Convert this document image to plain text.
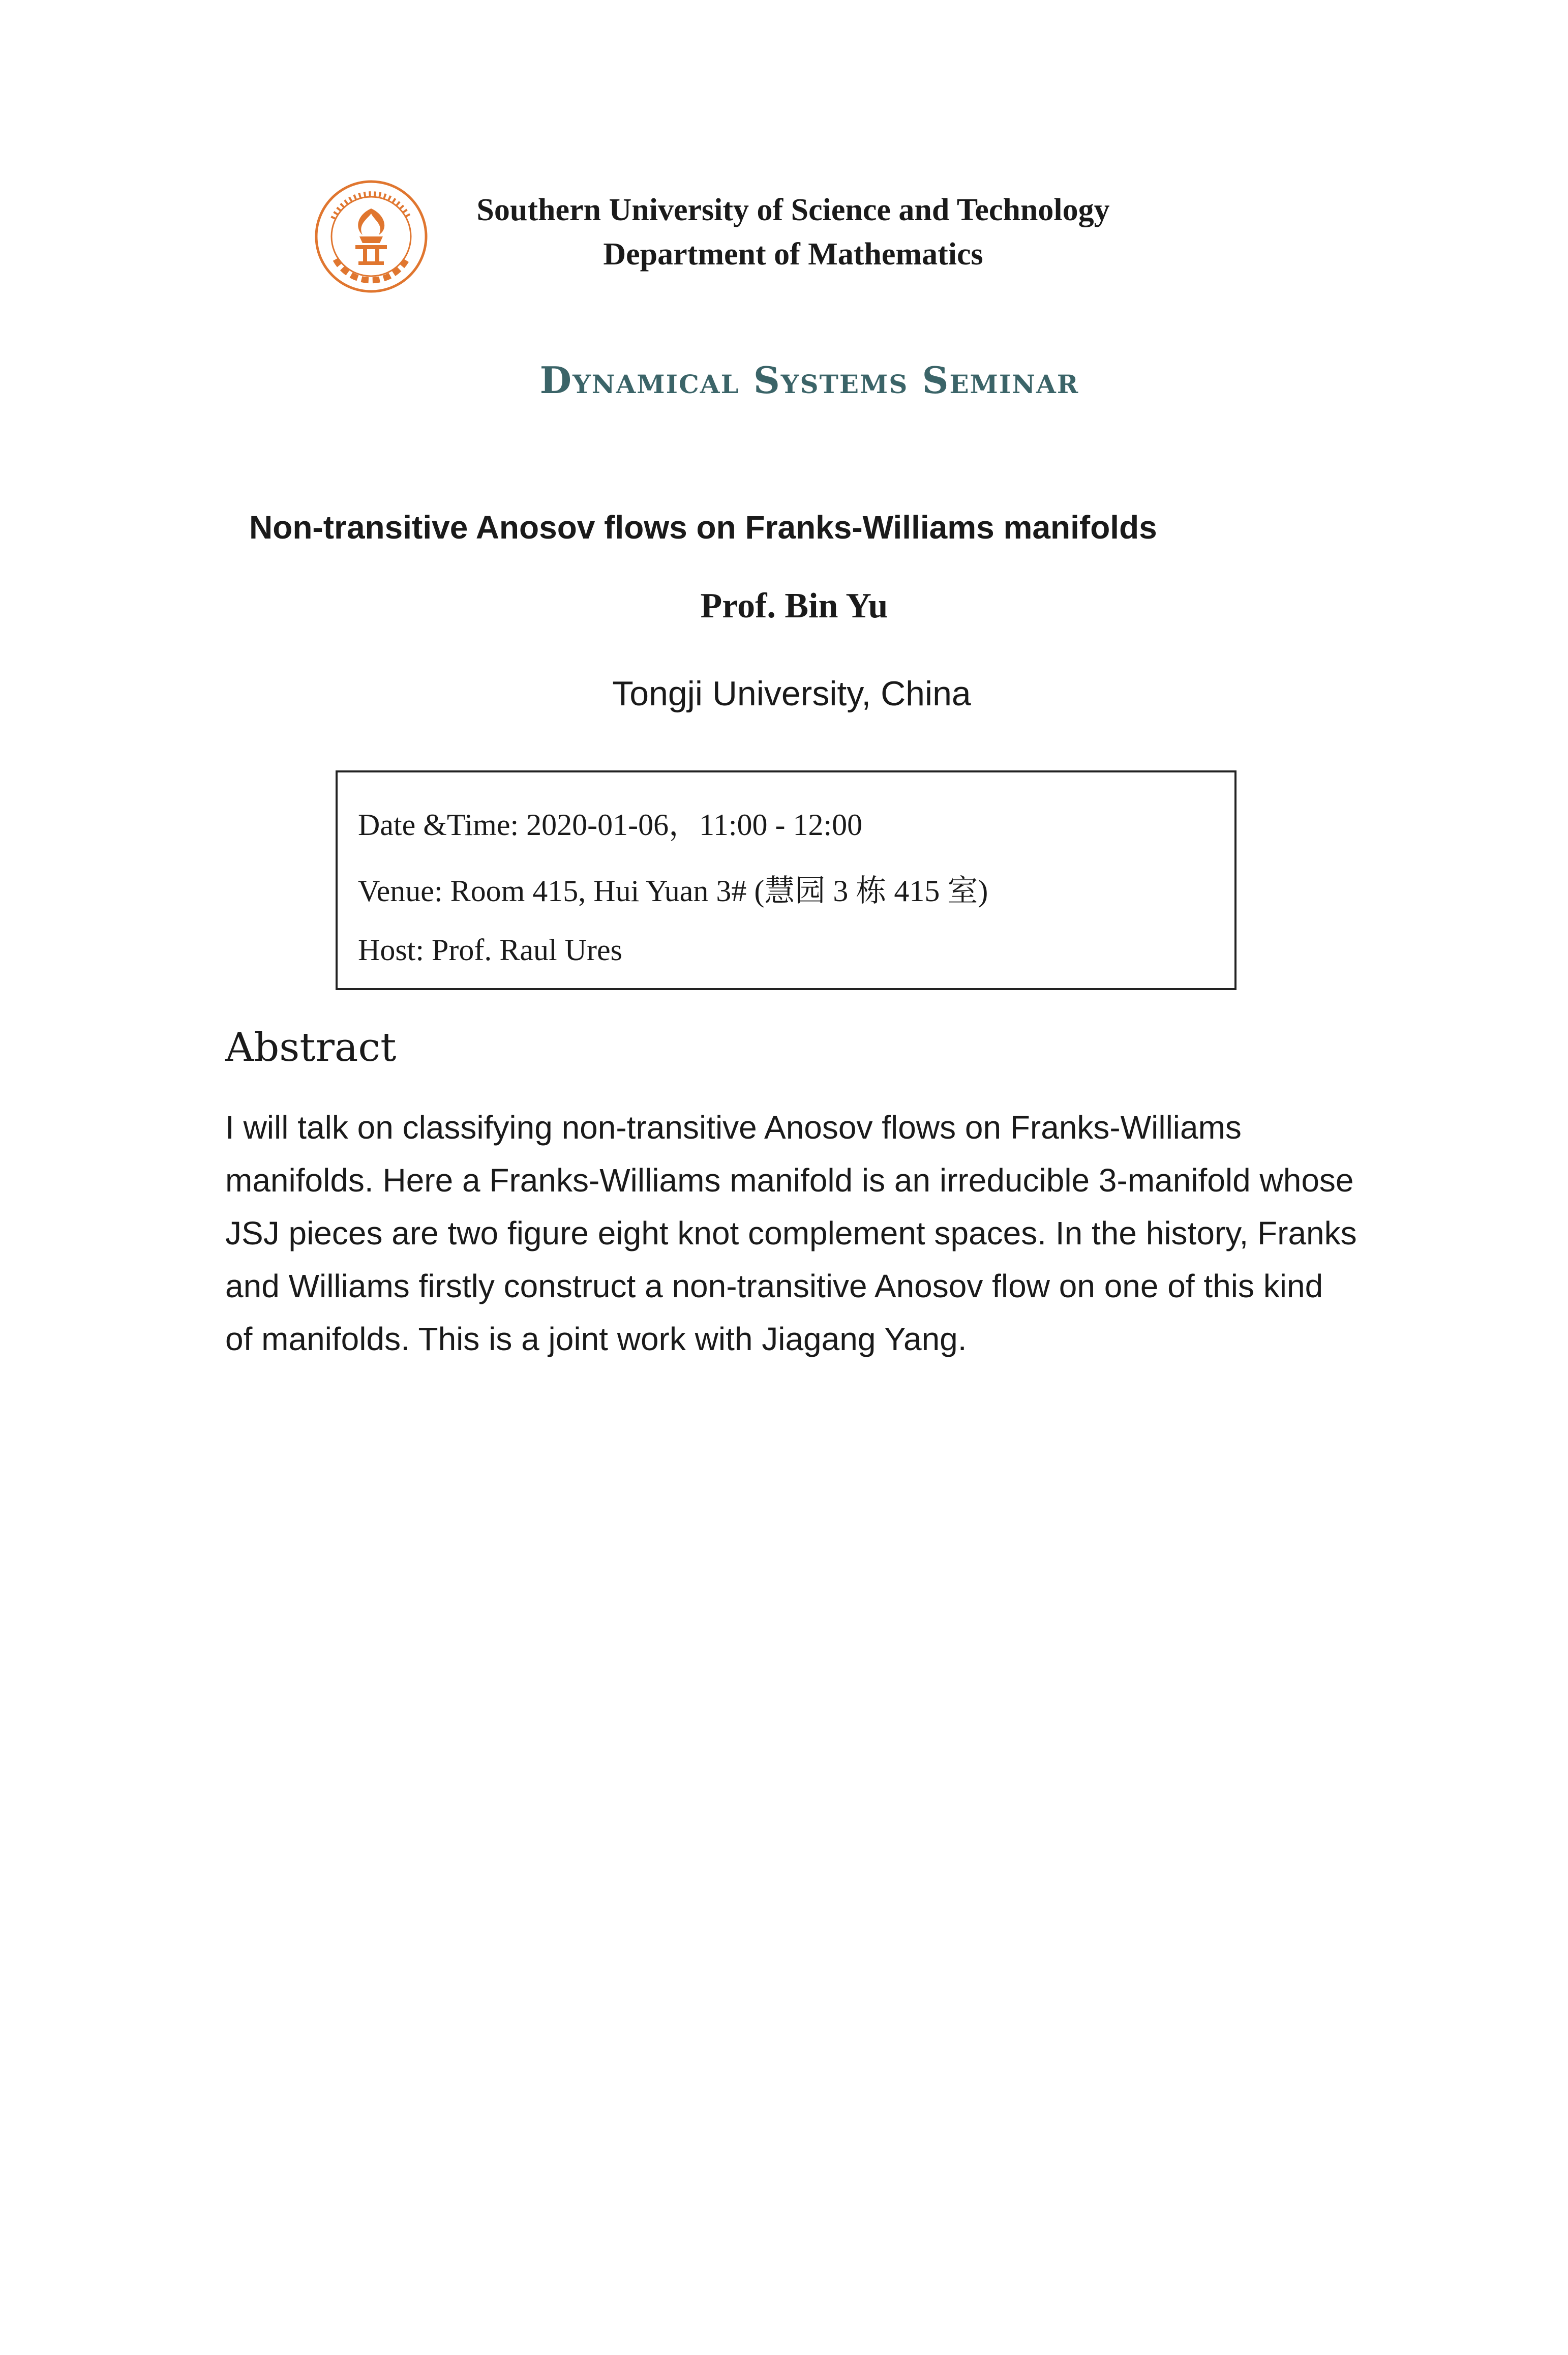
Southern University of Science and Technology
Department of Mathematics
Dynamical Systems Seminar
Non-transitive Anosov flows on Franks-Williams manifolds
Prof. Bin Yu
Tongji University, China
Date &Time: 2020-01-06，11:00 - 12:00
Venue: Room 415, Hui Yuan 3# (慧园 3 栋 415 室)
Host: Prof. Raul Ures
Abstract
I will talk on classifying non-transitive Anosov flows on Franks-Williams manifolds. Here a Franks-Williams manifold is an irreducible 3-manifold whose JSJ pieces are two figure eight knot complement spaces. In the history, Franks and Williams firstly construct a non-transitive Anosov flow on one of this kind of manifolds. This is a joint work with Jiagang Yang.
